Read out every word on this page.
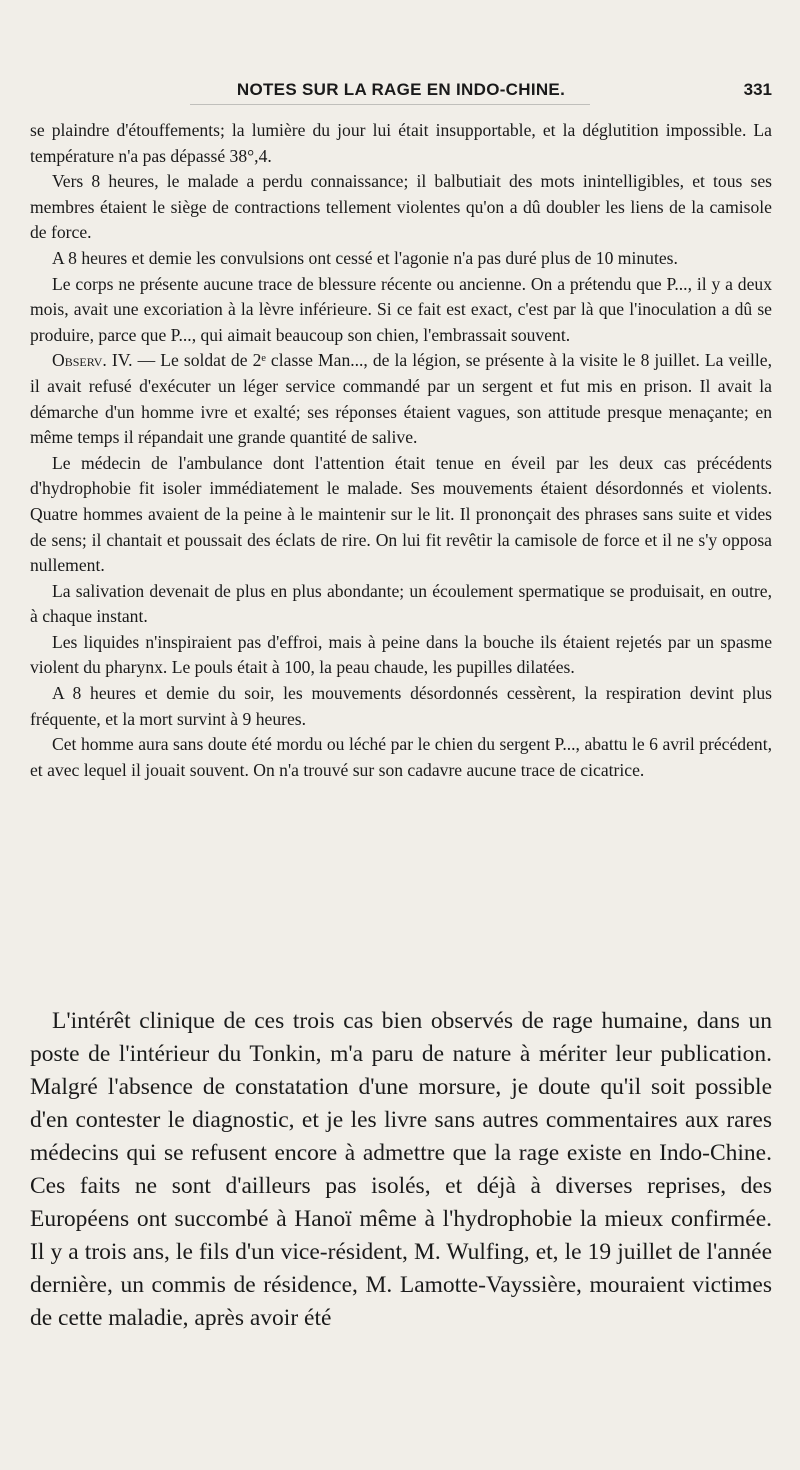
NOTES SUR LA RAGE EN INDO-CHINE.	331

se plaindre d'étouffements; la lumière du jour lui était insupportable, et la déglutition impossible. La température n'a pas dépassé 38°,4.

Vers 8 heures, le malade a perdu connaissance; il balbutiait des mots inintelligibles, et tous ses membres étaient le siège de contractions tellement violentes qu'on a dû doubler les liens de la camisole de force.

A 8 heures et demie les convulsions ont cessé et l'agonie n'a pas duré plus de 10 minutes.

Le corps ne présente aucune trace de blessure récente ou ancienne. On a prétendu que P..., il y a deux mois, avait une excoriation à la lèvre inférieure. Si ce fait est exact, c'est par là que l'inoculation a dû se produire, parce que P..., qui aimait beaucoup son chien, l'embrassait souvent.

Observ. IV. — Le soldat de 2ᵉ classe Man..., de la légion, se présente à la visite le 8 juillet. La veille, il avait refusé d'exécuter un léger service commandé par un sergent et fut mis en prison. Il avait la démarche d'un homme ivre et exalté; ses réponses étaient vagues, son attitude presque menaçante; en même temps il répandait une grande quantité de salive.

Le médecin de l'ambulance dont l'attention était tenue en éveil par les deux cas précédents d'hydrophobie fit isoler immédiatement le malade. Ses mouvements étaient désordonnés et violents. Quatre hommes avaient de la peine à le maintenir sur le lit. Il prononçait des phrases sans suite et vides de sens; il chantait et poussait des éclats de rire. On lui fit revêtir la camisole de force et il ne s'y opposa nullement.

La salivation devenait de plus en plus abondante; un écoulement spermatique se produisait, en outre, à chaque instant.

Les liquides n'inspiraient pas d'effroi, mais à peine dans la bouche ils étaient rejetés par un spasme violent du pharynx. Le pouls était à 100, la peau chaude, les pupilles dilatées.

A 8 heures et demie du soir, les mouvements désordonnés cessèrent, la respiration devint plus fréquente, et la mort survint à 9 heures.

Cet homme aura sans doute été mordu ou léché par le chien du sergent P..., abattu le 6 avril précédent, et avec lequel il jouait souvent. On n'a trouvé sur son cadavre aucune trace de cicatrice.

L'intérêt clinique de ces trois cas bien observés de rage humaine, dans un poste de l'intérieur du Tonkin, m'a paru de nature à mériter leur publication. Malgré l'absence de constatation d'une morsure, je doute qu'il soit possible d'en contester le diagnostic, et je les livre sans autres commentaires aux rares médecins qui se refusent encore à admettre que la rage existe en Indo-Chine. Ces faits ne sont d'ailleurs pas isolés, et déjà à diverses reprises, des Européens ont succombé à Hanoï même à l'hydrophobie la mieux confirmée. Il y a trois ans, le fils d'un vice-résident, M. Wulfing, et, le 19 juillet de l'année dernière, un commis de résidence, M. Lamotte-Vayssière, mouraient victimes de cette maladie, après avoir été
